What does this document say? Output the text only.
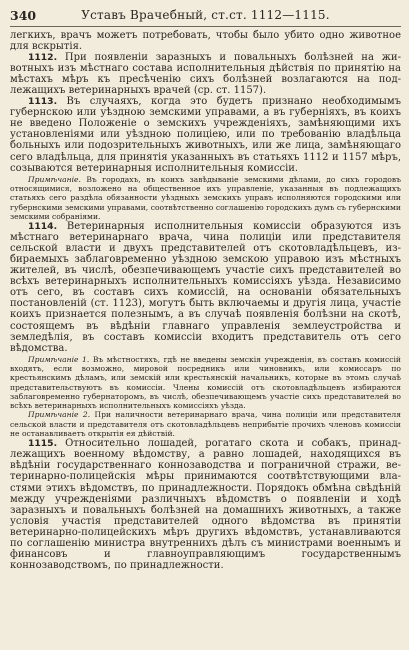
340	Уставъ Врачебный, ст.ст. 1112—1115.

легкихъ, врачъ можетъ потребовать, чтобы было убито одно животное для вскрытія.

1112. При появленіи заразныхъ и повальныхъ болѣзней на животныхъ изъ мѣстнаго состава исполнительныя дѣйствія по принятію на мѣстахъ мѣръ къ пресѣченію сихъ болѣзней возлагаются на подлежащихъ ветеринарныхъ врачей (ср. ст. 1157).

1113. Въ случаяхъ, когда это будетъ признано необходимымъ губернскою или уѣздною земскими управами, а въ губерніяхъ, въ коихъ не введено Положеніе о земскихъ учрежденіяхъ, замѣняющими ихъ установленіями или уѣздною полиціею, или по требованію владѣльца больныхъ или подозрительныхъ животныхъ, или же лица, замѣняющаго сего владѣльца, для принятія указанныхъ въ статьяхъ 1112 и 1157 мѣръ, созываются ветеринарныя исполнительныя комиссіи.

Примѣчаніе. Въ городахъ, въ коихъ завѣдываніе земскими дѣлами, до сихъ городовъ относящимися, возложено на общественное ихъ управленіе, указанныя въ подлежащихъ статьяхъ сего раздѣла обязанности уѣздныхъ земскихъ управъ исполняются городскими или губернскими земскими управами, соотвѣтственно соглашенію городскихъ думъ съ губернскими земскими собраніями.

1114. Ветеринарныя исполнительныя комиссіи образуются изъ мѣстнаго ветеринарнаго врача, чина полиціи или представителя сельской власти и двухъ представителей отъ скотовладѣльцевъ, избираемыхъ заблаговременно уѣздною земскою управою изъ мѣстныхъ жителей, въ числѣ, обезпечивающемъ участіе сихъ представителей во всѣхъ ветеринарныхъ исполнительныхъ комиссіяхъ уѣзда. Независимо отъ сего, въ составъ сихъ комиссій, на основаніи обязательныхъ постановленій (ст. 1123), могутъ быть включаемы и другія лица, участіе коихъ признается полезнымъ, а въ случаѣ появленія болѣзни на скотѣ, состоящемъ въ вѣдѣніи главнаго управленія землеустройства и земледѣлія, въ составъ комиссіи входитъ представитель отъ сего вѣдомства.

Примѣчаніе 1. Въ мѣстностяхъ, гдѣ не введены земскія учрежденія, въ составъ комиссій входятъ, если возможно, мировой посредникъ или чиновникъ, или комиссаръ по крестьянскимъ дѣламъ, или земскій или крестьянскій начальникъ, которые въ этомъ случаѣ представительствуютъ въ комиссіи. Члены комиссій отъ скотовладѣльцевъ избираются заблаговременно губернаторомъ, въ числѣ, обезпечивающемъ участіе сихъ представителей во всѣхъ ветеринарныхъ исполнительныхъ комиссіяхъ уѣзда.

Примѣчаніе 2. При наличности ветеринарнаго врача, чина полиціи или представителя сельской власти и представителя отъ скотовладѣльцевъ неприбытіе прочихъ членовъ комиссіи не останавливаетъ открытія ея дѣйствій.

1115. Относительно лошадей, рогатаго скота и собакъ, принадлежащихъ военному вѣдомству, а равно лошадей, находящихся въ вѣдѣніи государственнаго коннозаводства и пограничной стражи, ветеринарно-полицейскія мѣры принимаются соотвѣтствующими властями этихъ вѣдомствъ, по принадлежности. Порядокъ обмѣна свѣдѣній между учрежденіями различныхъ вѣдомствъ о появленіи и ходѣ заразныхъ и повальныхъ болѣзней на домашнихъ животныхъ, а также условія участія представителей одного вѣдомства въ принятіи ветеринарно-полицейскихъ мѣръ другихъ вѣдомствъ, устанавливаются по соглашенію министра внутреннихъ дѣлъ съ министрами военнымъ и финансовъ и главноуправляющимъ государственнымъ коннозаводствомъ, по принадлежности.
